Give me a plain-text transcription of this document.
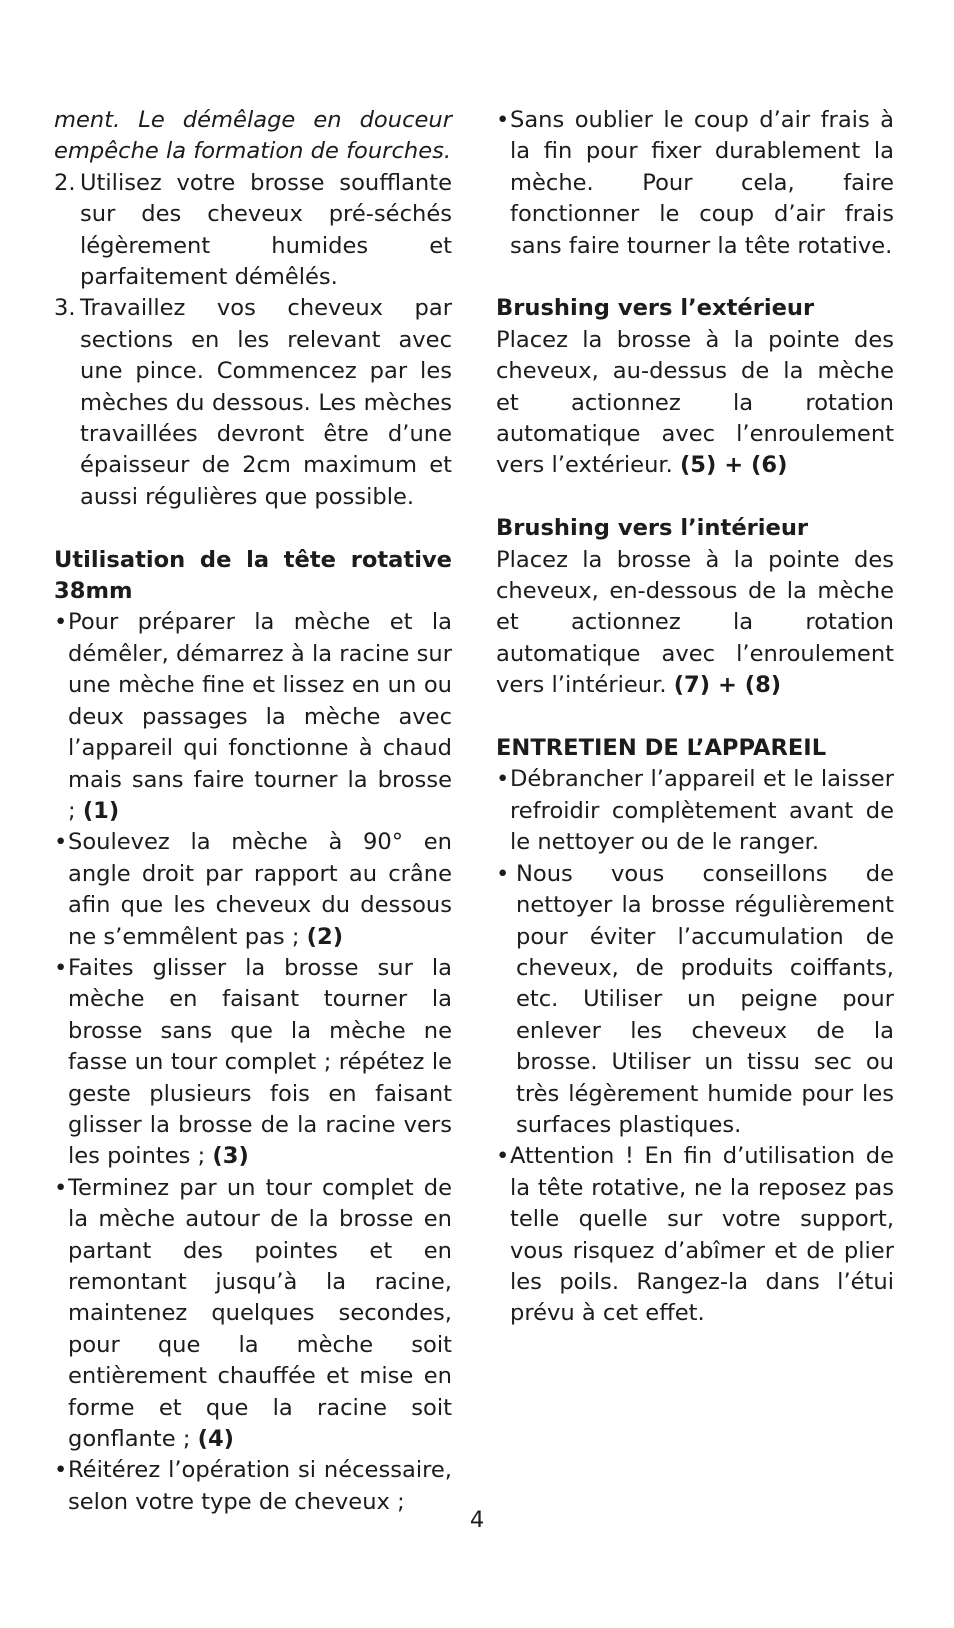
ment. Le démêlage en douceur empêche la formation de fourches.

2. Utilisez votre brosse soufflante sur des cheveux pré-séchés légèrement humides et parfaitement démêlés.
3. Travaillez vos cheveux par sections en les relevant avec une pince. Commencez par les mèches du dessous. Les mèches travaillées devront être d’une épaisseur de 2cm maximum et aussi régulières que possible.

Utilisation de la tête rotative 38mm

• Pour préparer la mèche et la démêler, démarrez à la racine sur une mèche fine et lissez en un ou deux passages la mèche avec l’appareil qui fonctionne à chaud mais sans faire tourner la brosse ; (1)
• Soulevez la mèche à 90° en angle droit par rapport au crâne afin que les cheveux du dessous ne s’emmêlent pas ; (2)
• Faites glisser la brosse sur la mèche en faisant tourner la brosse sans que la mèche ne fasse un tour complet ; répétez le geste plusieurs fois en faisant glisser la brosse de la racine vers les pointes ; (3)
• Terminez par un tour complet de la mèche autour de la brosse en partant des pointes et en remontant jusqu’à la racine, maintenez quelques secondes, pour que la mèche soit entièrement chauffée et mise en forme et que la racine soit gonflante ; (4)
• Réitérez l’opération si nécessaire, selon votre type de cheveux ;
• Sans oublier le coup d’air frais à la fin pour fixer durablement la mèche. Pour cela, faire fonctionner le coup d’air frais sans faire tourner la tête rotative.

Brushing vers l’extérieur

Placez la brosse à la pointe des cheveux, au-dessus de la mèche et actionnez la rotation automatique avec l’enroulement vers l’extérieur. (5) + (6)

Brushing vers l’intérieur

Placez la brosse à la pointe des cheveux, en-dessous de la mèche et actionnez la rotation automatique avec l’enroulement vers l’intérieur. (7) + (8)

ENTRETIEN DE L’APPAREIL

• Débrancher l’appareil et le laisser refroidir complètement avant de le nettoyer ou de le ranger.
• Nous vous conseillons de nettoyer la brosse régulièrement pour éviter l’accumulation de cheveux, de produits coiffants, etc. Utiliser un peigne pour enlever les cheveux de la brosse. Utiliser un tissu sec ou très légèrement humide pour les surfaces plastiques.
• Attention ! En fin d’utilisation de la tête rotative, ne la reposez pas telle quelle sur votre support, vous risquez d’abîmer et de plier les poils. Rangez-la dans l’étui prévu à cet effet.
4
